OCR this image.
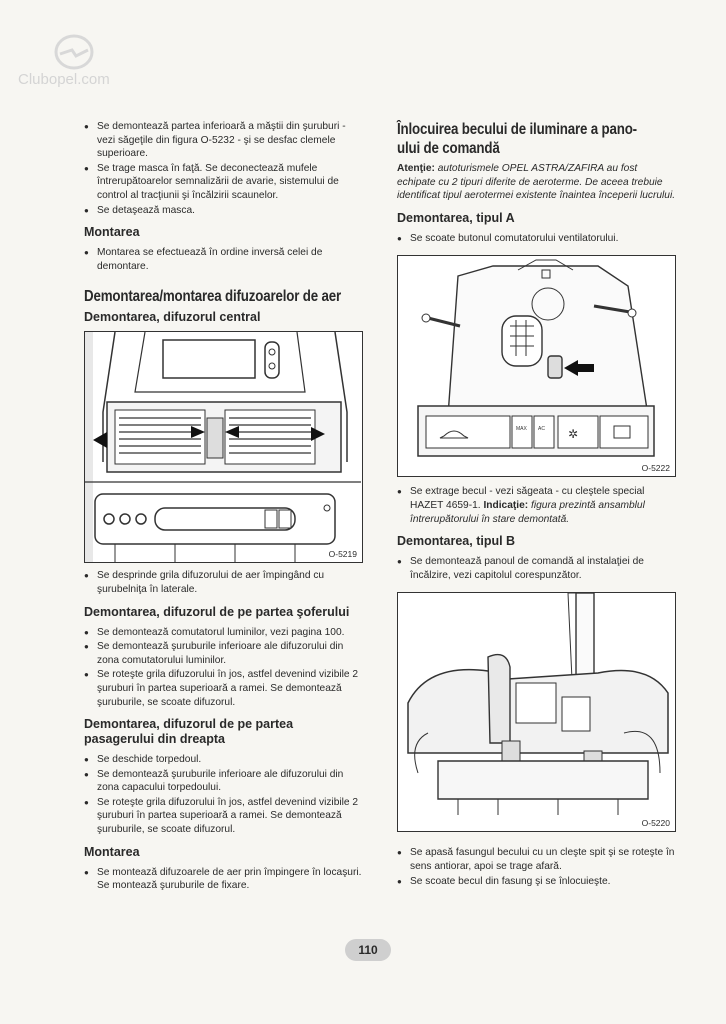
Clubopel.com
● Se demontează partea inferioară a măştii din şuruburi - vezi săgeţile din figura O-5232 - şi se desfac clemele superioare.
● Se trage masca în faţă. Se deconectează mufele întrerupătoarelor semnalizării de avarie, sistemului de control al tracţiunii şi încălzirii scaunelor.
● Se detaşează masca.
Montarea
● Montarea se efectuează în ordine inversă celei de demontare.
Demontarea/montarea difuzoarelor de aer
Demontarea, difuzorul central
O-5219
● Se desprinde grila difuzorului de aer împingând cu şurubelniţa în laterale.
Demontarea, difuzorul de pe partea şoferului
● Se demontează comutatorul luminilor, vezi pagina 100.
● Se demontează şuruburile inferioare ale difuzorului din zona comutatorului luminilor.
● Se roteşte grila difuzorului în jos, astfel devenind vizibile 2 şuruburi în partea superioară a ramei. Se demontează şuruburile, se scoate difuzorul.
Demontarea, difuzorul de pe partea pasagerului din dreapta
● Se deschide torpedoul.
● Se demontează şuruburile inferioare ale difuzorului din zona capacului torpedoului.
● Se roteşte grila difuzorului în jos, astfel devenind vizibile 2 şuruburi în partea superioară a ramei. Se demontează şuruburile, se scoate difuzorul.
Montarea
● Se montează difuzoarele de aer prin împingere în locaşuri. Se montează şuruburile de fixare.
Înlocuirea becului de iluminare a pano-
ului de comandă

Atenţie: autoturismele OPEL ASTRA/ZAFIRA au fost echipate cu 2 tipuri diferite de aeroterme. De aceea trebuie identificat tipul aerotermei existente înaintea începerii lucrului.

Demontarea, tipul A
● Se scoate butonul comutatorului ventilatorului.
MAX AC ✲
O-5222
● Se extrage becul - vezi săgeata - cu cleştele special HAZET 4659-1. Indicaţie: figura prezintă ansamblul întrerupătorului în stare demontată.
Demontarea, tipul B
● Se demontează panoul de comandă al instalaţiei de încălzire, vezi capitolul corespunzător.
O-5220
● Se apasă fasungul becului cu un cleşte spit şi se roteşte în sens antiorar, apoi se trage afară.
● Se scoate becul din fasung şi se înlocuieşte.
110
